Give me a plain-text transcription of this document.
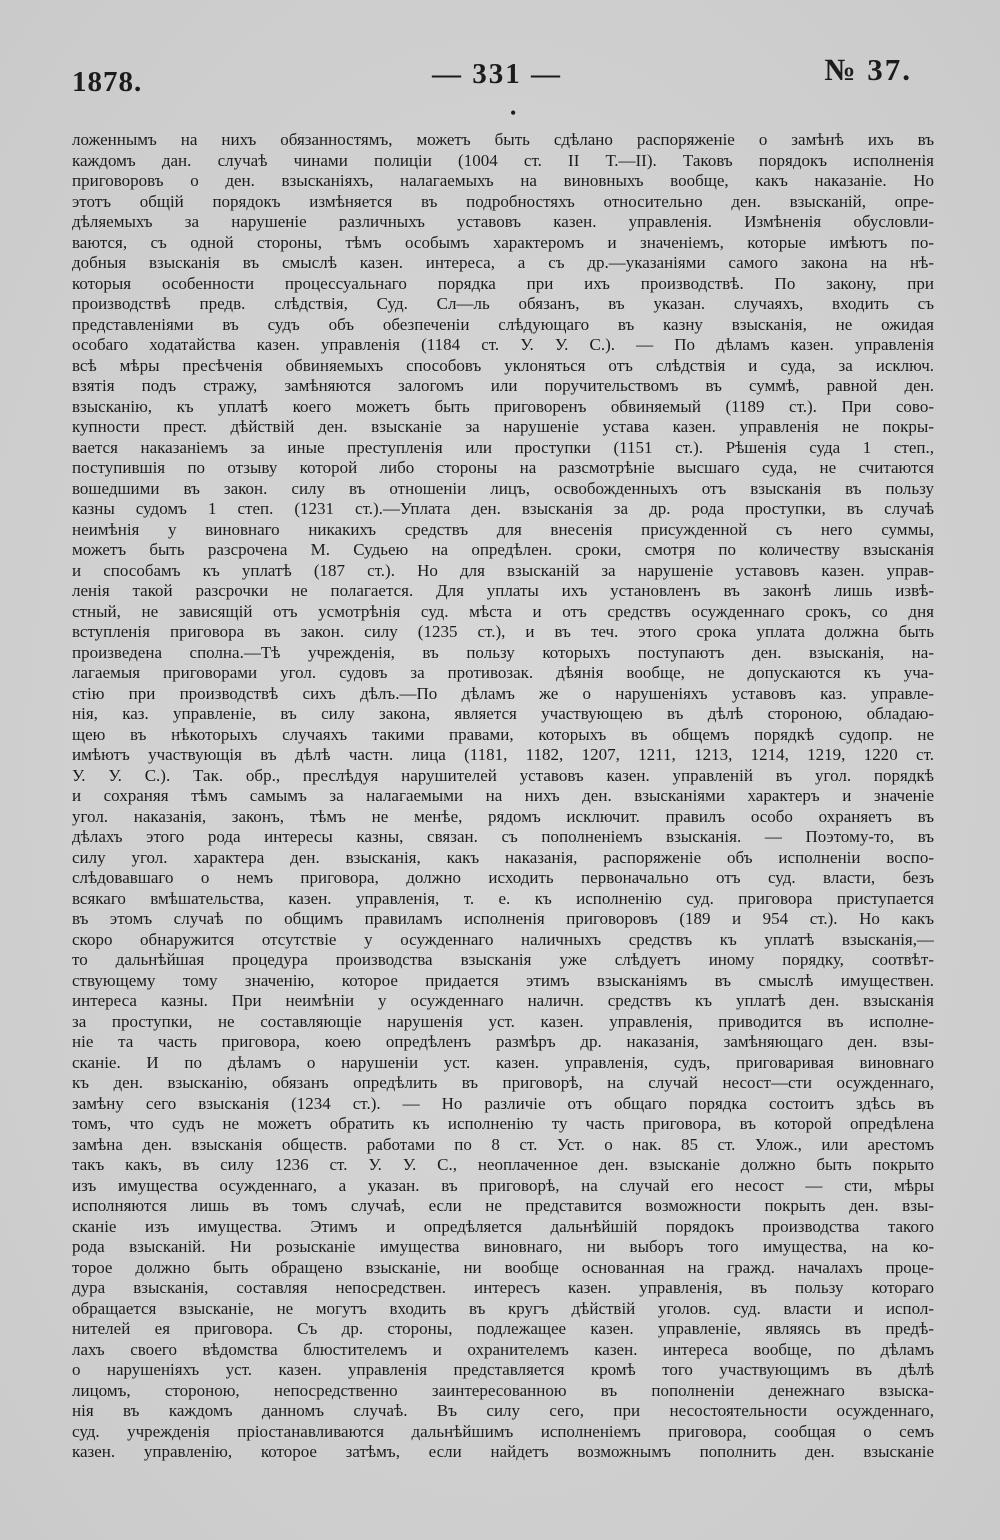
1878.	— 331 —	№ 37.
•
ложеннымъ на нихъ обязанностямъ, можетъ быть сдѣлано распоряженіе о замѣнѣ ихъ въ
каждомъ дан. случаѣ чинами полиціи (1004 ст. II Т.—II). Таковъ порядокъ исполненія
приговоровъ о ден. взысканіяхъ, налагаемыхъ на виновныхъ вообще, какъ наказаніе. Но
этотъ общій порядокъ измѣняется въ подробностяхъ относительно ден. взысканій, опре-
дѣляемыхъ за нарушеніе различныхъ уставовъ казен. управленія. Измѣненія обусловли-
ваются, съ одной стороны, тѣмъ особымъ характеромъ и значеніемъ, которые имѣютъ по-
добныя взысканія въ смыслѣ казен. интереса, а съ др.—указаніями самого закона на нѣ-
которыя особенности процессуальнаго порядка при ихъ производствѣ. По закону, при
производствѣ предв. слѣдствія, Суд. Сл—ль обязанъ, въ указан. случаяхъ, входить съ
представленіями въ судъ объ обезпеченіи слѣдующаго въ казну взысканія, не ожидая
особаго ходатайства казен. управленія (1184 ст. У. У. С.). — По дѣламъ казен. управленія
всѣ мѣры пресѣченія обвиняемыхъ способовъ уклоняться отъ слѣдствія и суда, за исключ.
взятія подъ стражу, замѣняются залогомъ или поручительствомъ въ суммѣ, равной ден.
взысканію, къ уплатѣ коего можетъ быть приговоренъ обвиняемый (1189 ст.). При сово-
купности прест. дѣйствій ден. взысканіе за нарушеніе устава казен. управленія не покры-
вается наказаніемъ за иные преступленія или проступки (1151 ст.). Рѣшенія суда 1 степ.,
поступившія по отзыву которой либо стороны на разсмотрѣніе высшаго суда, не считаются
вошедшими въ закон. силу въ отношеніи лицъ, освобожденныхъ отъ взысканія въ пользу
казны судомъ 1 степ. (1231 ст.).—Уплата ден. взысканія за др. рода проступки, въ случаѣ
неимѣнія у виновнаго никакихъ средствъ для внесенія присужденной съ него суммы,
можетъ быть разсрочена М. Судьею на опредѣлен. сроки, смотря по количеству взысканія
и способамъ къ уплатѣ (187 ст.). Но для взысканій за нарушеніе уставовъ казен. управ-
ленія такой разсрочки не полагается. Для уплаты ихъ установленъ въ законѣ лишь извѣ-
стный, не зависящій отъ усмотрѣнія суд. мѣста и отъ средствъ осужденнаго срокъ, со дня
вступленія приговора въ закон. силу (1235 ст.), и въ теч. этого срока уплата должна быть
произведена сполна.—Тѣ учрежденія, въ пользу которыхъ поступаютъ ден. взысканія, на-
лагаемыя приговорами угол. судовъ за противозак. дѣянія вообще, не допускаются къ уча-
стію при производствѣ сихъ дѣлъ.—По дѣламъ же о нарушеніяхъ уставовъ каз. управле-
нія, каз. управленіе, въ силу закона, является участвующею въ дѣлѣ стороною, обладаю-
щею въ нѣкоторыхъ случаяхъ такими правами, которыхъ въ общемъ порядкѣ судопр. не
имѣютъ участвующія въ дѣлѣ частн. лица (1181, 1182, 1207, 1211, 1213, 1214, 1219, 1220 ст.
У. У. С.). Так. обр., преслѣдуя нарушителей уставовъ казен. управленій въ угол. порядкѣ
и сохраняя тѣмъ самымъ за налагаемыми на нихъ ден. взысканіями характеръ и значеніе
угол. наказанія, законъ, тѣмъ не менѣе, рядомъ исключит. правилъ особо охраняетъ въ
дѣлахъ этого рода интересы казны, связан. съ пополненіемъ взысканія. — Поэтому-то, въ
силу угол. характера ден. взысканія, какъ наказанія, распоряженіе объ исполненіи воспо-
слѣдовавшаго о немъ приговора, должно исходить первоначально отъ суд. власти, безъ
всякаго вмѣшательства, казен. управленія, т. е. къ исполненію суд. приговора приступается
въ этомъ случаѣ по общимъ правиламъ исполненія приговоровъ (189 и 954 ст.). Но какъ
скоро обнаружится отсутствіе у осужденнаго наличныхъ средствъ къ уплатѣ взысканія,—
то дальнѣйшая процедура производства взысканія уже слѣдуетъ иному порядку, соотвѣт-
ствующему тому значенію, которое придается этимъ взысканіямъ въ смыслѣ имуществен.
интереса казны. При неимѣніи у осужденнаго наличн. средствъ къ уплатѣ ден. взысканія
за проступки, не составляющіе нарушенія уст. казен. управленія, приводится въ исполне-
ніе та часть приговора, коею опредѣленъ размѣръ др. наказанія, замѣняющаго ден. взы-
сканіе. И по дѣламъ о нарушеніи уст. казен. управленія, судъ, приговаривая виновнаго
къ ден. взысканію, обязанъ опредѣлить въ приговорѣ, на случай несост—сти осужденнаго,
замѣну сего взысканія (1234 ст.). — Но различіе отъ общаго порядка состоитъ здѣсь въ
томъ, что судъ не можетъ обратить къ исполненію ту часть приговора, въ которой опредѣлена
замѣна ден. взысканія обществ. работами по 8 ст. Уст. о нак. 85 ст. Улож., или арестомъ
такъ какъ, въ силу 1236 ст. У. У. С., неоплаченное ден. взысканіе должно быть покрыто
изъ имущества осужденнаго, а указан. въ приговорѣ, на случай его несост — сти, мѣры
исполняются лишь въ томъ случаѣ, если не представится возможности покрыть ден. взы-
сканіе изъ имущества. Этимъ и опредѣляется дальнѣйшій порядокъ производства такого
рода взысканій. Ни розысканіе имущества виновнаго, ни выборъ того имущества, на ко-
торое должно быть обращено взысканіе, ни вообще основанная на гражд. началахъ проце-
дура взысканія, составляя непосредствен. интересъ казен. управленія, въ пользу котораго
обращается взысканіе, не могутъ входить въ кругъ дѣйствій уголов. суд. власти и испол-
нителей ея приговора. Съ др. стороны, подлежащее казен. управленіе, являясь въ предѣ-
лахъ своего вѣдомства блюстителемъ и охранителемъ казен. интереса вообще, по дѣламъ
о нарушеніяхъ уст. казен. управленія представляется кромѣ того участвующимъ въ дѣлѣ
лицомъ, стороною, непосредственно заинтересованною въ пополненіи денежнаго взыска-
нія въ каждомъ данномъ случаѣ. Въ силу сего, при несостоятельности осужденнаго,
суд. учрежденія пріостанавливаются дальнѣйшимъ исполненіемъ приговора, сообщая о семъ
казен. управленію, которое затѣмъ, если найдетъ возможнымъ пополнить ден. взысканіе
